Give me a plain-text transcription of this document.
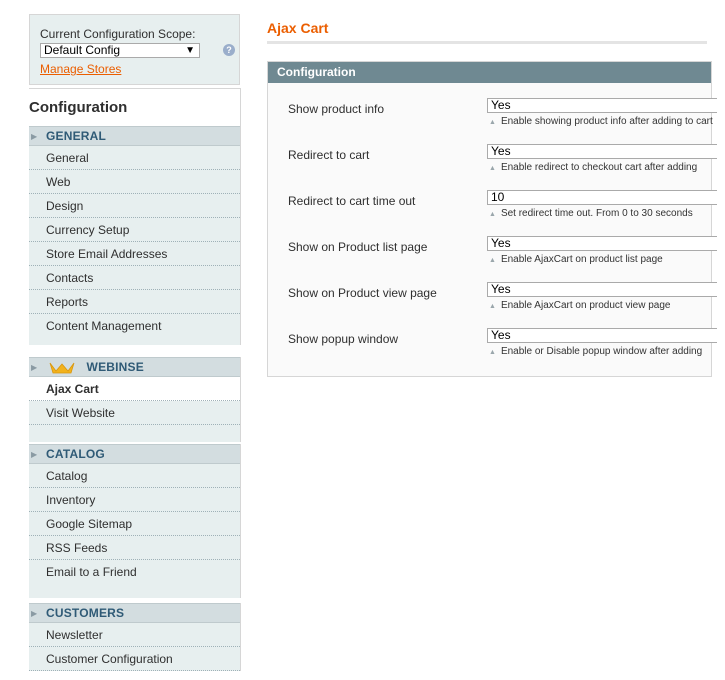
Current Configuration Scope:
Default Config	▼	?
Manage Stores
Configuration
▶ GENERAL
General
Web
Design
Currency Setup
Store Email Addresses
Contacts
Reports
Content Management
▶	WEBINSE
Ajax Cart
Visit Website
▶ CATALOG
Catalog
Inventory
Google Sitemap
RSS Feeds
Email to a Friend
▶ CUSTOMERS
Newsletter
Customer Configuration
Ajax Cart
Configuration
Show product info	Yes
▲ Enable showing product info after adding to cart
Redirect to cart	Yes
▲ Enable redirect to checkout cart after adding
Redirect to cart time out	10
▲ Set redirect time out. From 0 to 30 seconds
Show on Product list page	Yes
▲ Enable AjaxCart on product list page
Show on Product view page	Yes
▲ Enable AjaxCart on product view page
Show popup window	Yes
▲ Enable or Disable popup window after adding
